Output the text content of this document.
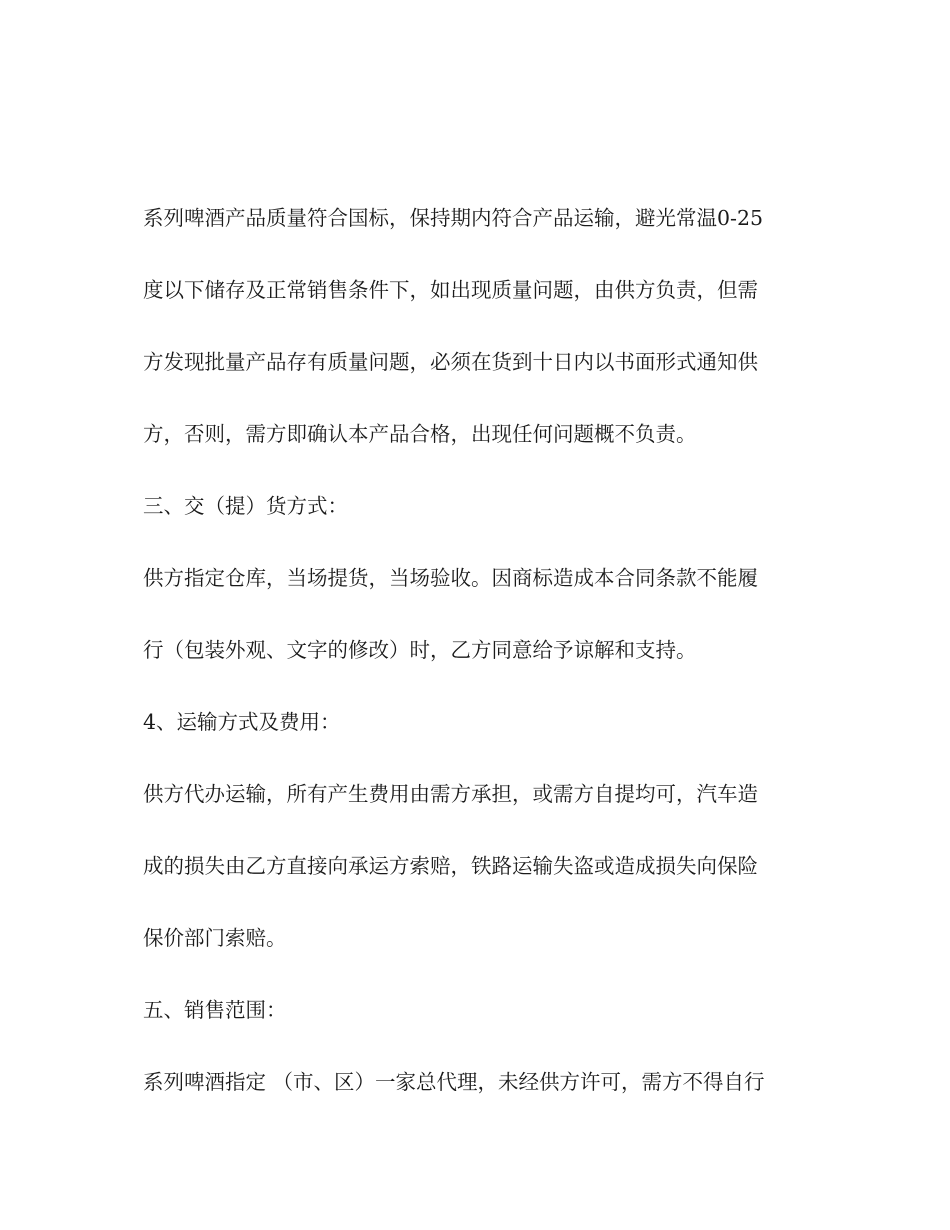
系列啤酒产品质量符合国标，保持期内符合产品运输，避光常温0-25
度以下储存及正常销售条件下，如出现质量问题，由供方负责，但需
方发现批量产品存有质量问题，必须在货到十日内以书面形式通知供
方，否则，需方即确认本产品合格，出现任何问题概不负责。
三、交（提）货方式：
供方指定仓库，当场提货，当场验收。因商标造成本合同条款不能履
行（包装外观、文字的修改）时，乙方同意给予谅解和支持。
4、运输方式及费用：
供方代办运输，所有产生费用由需方承担，或需方自提均可，汽车造
成的损失由乙方直接向承运方索赔，铁路运输失盗或造成损失向保险
保价部门索赔。
五、销售范围：
系列啤酒指定 （市、区）一家总代理，未经供方许可，需方不得自行
